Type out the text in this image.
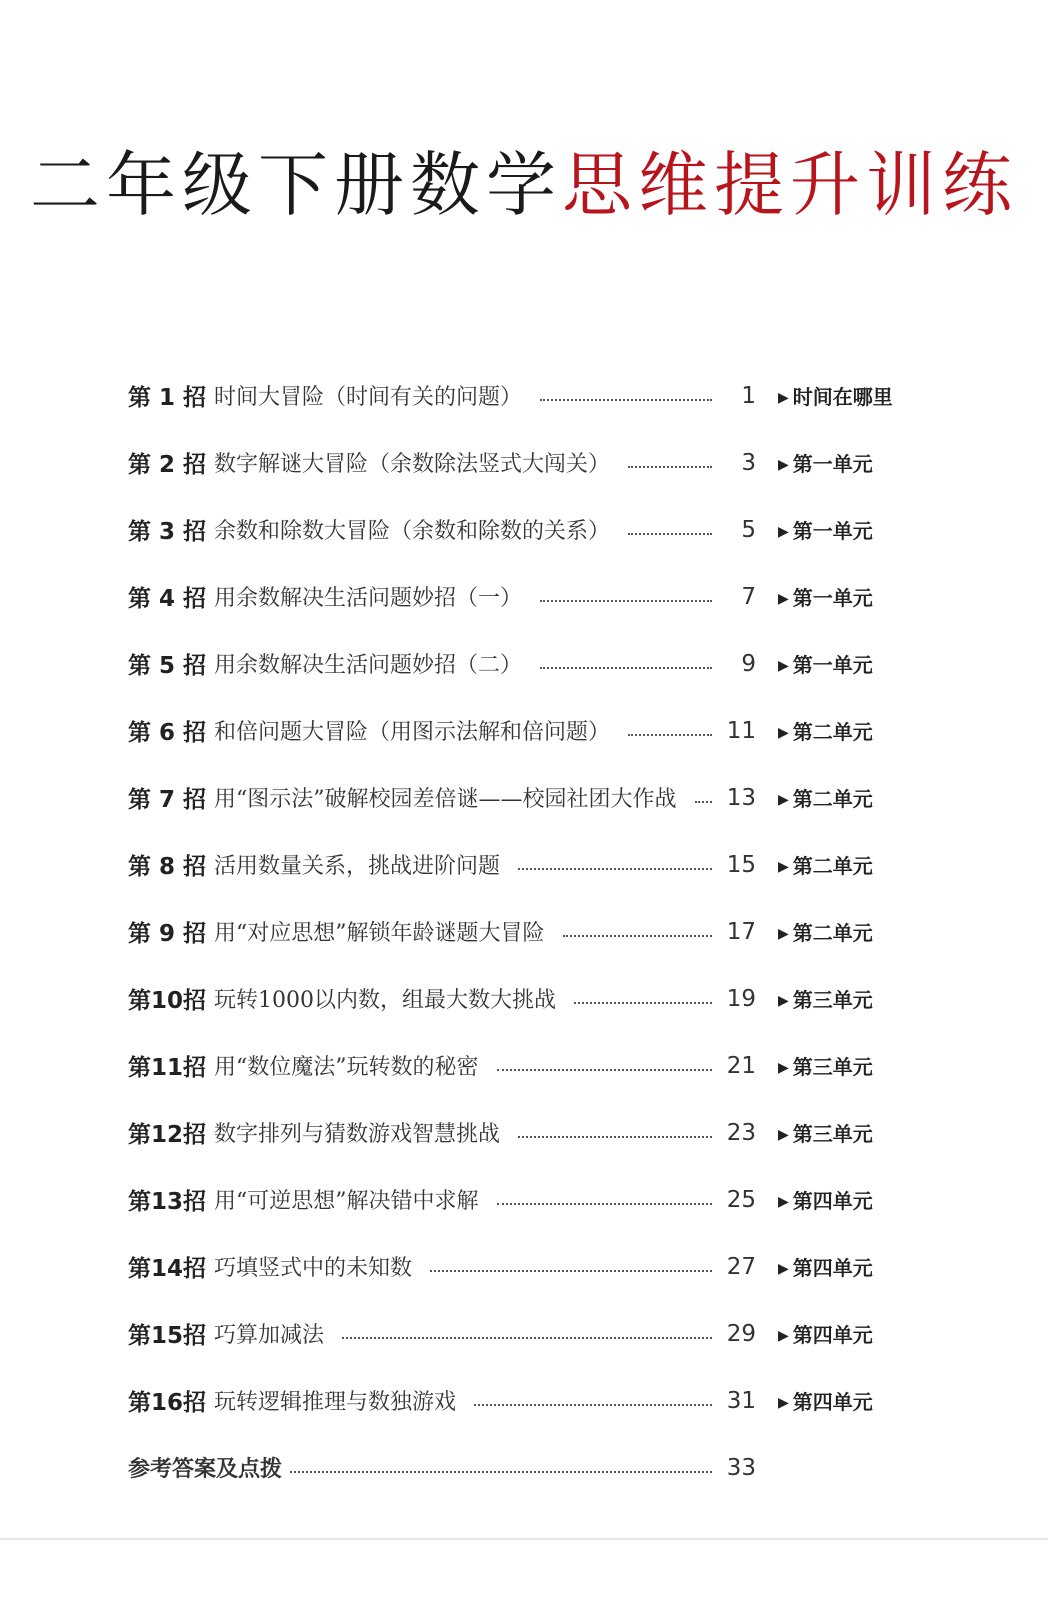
二年级下册数学思维提升训练
第 1 招 时间大冒险（时间有关的问题）	1 ▶ 时间在哪里
第 2 招 数字解谜大冒险（余数除法竖式大闯关）	3 ▶ 第一单元
第 3 招 余数和除数大冒险（余数和除数的关系）	5 ▶ 第一单元
第 4 招 用余数解决生活问题妙招（一）	7 ▶ 第一单元
第 5 招 用余数解决生活问题妙招（二）	9 ▶ 第一单元
第 6 招 和倍问题大冒险（用图示法解和倍问题）	11 ▶ 第二单元
第 7 招 用“图示法”破解校园差倍谜——校园社团大作战 13 ▶ 第二单元
第 8 招 活用数量关系，挑战进阶问题	15 ▶ 第二单元
第 9 招 用“对应思想”解锁年龄谜题大冒险	17 ▶ 第二单元
第10招 玩转1000以内数，组最大数大挑战	19 ▶ 第三单元
第11招 用“数位魔法”玩转数的秘密	21 ▶ 第三单元
第12招 数字排列与猜数游戏智慧挑战	23 ▶ 第三单元
第13招 用“可逆思想”解决错中求解	25 ▶ 第四单元
第14招 巧填竖式中的未知数	27 ▶ 第四单元
第15招 巧算加减法	29 ▶ 第四单元
第16招 玩转逻辑推理与数独游戏	31 ▶ 第四单元
参考答案及点拨	33
